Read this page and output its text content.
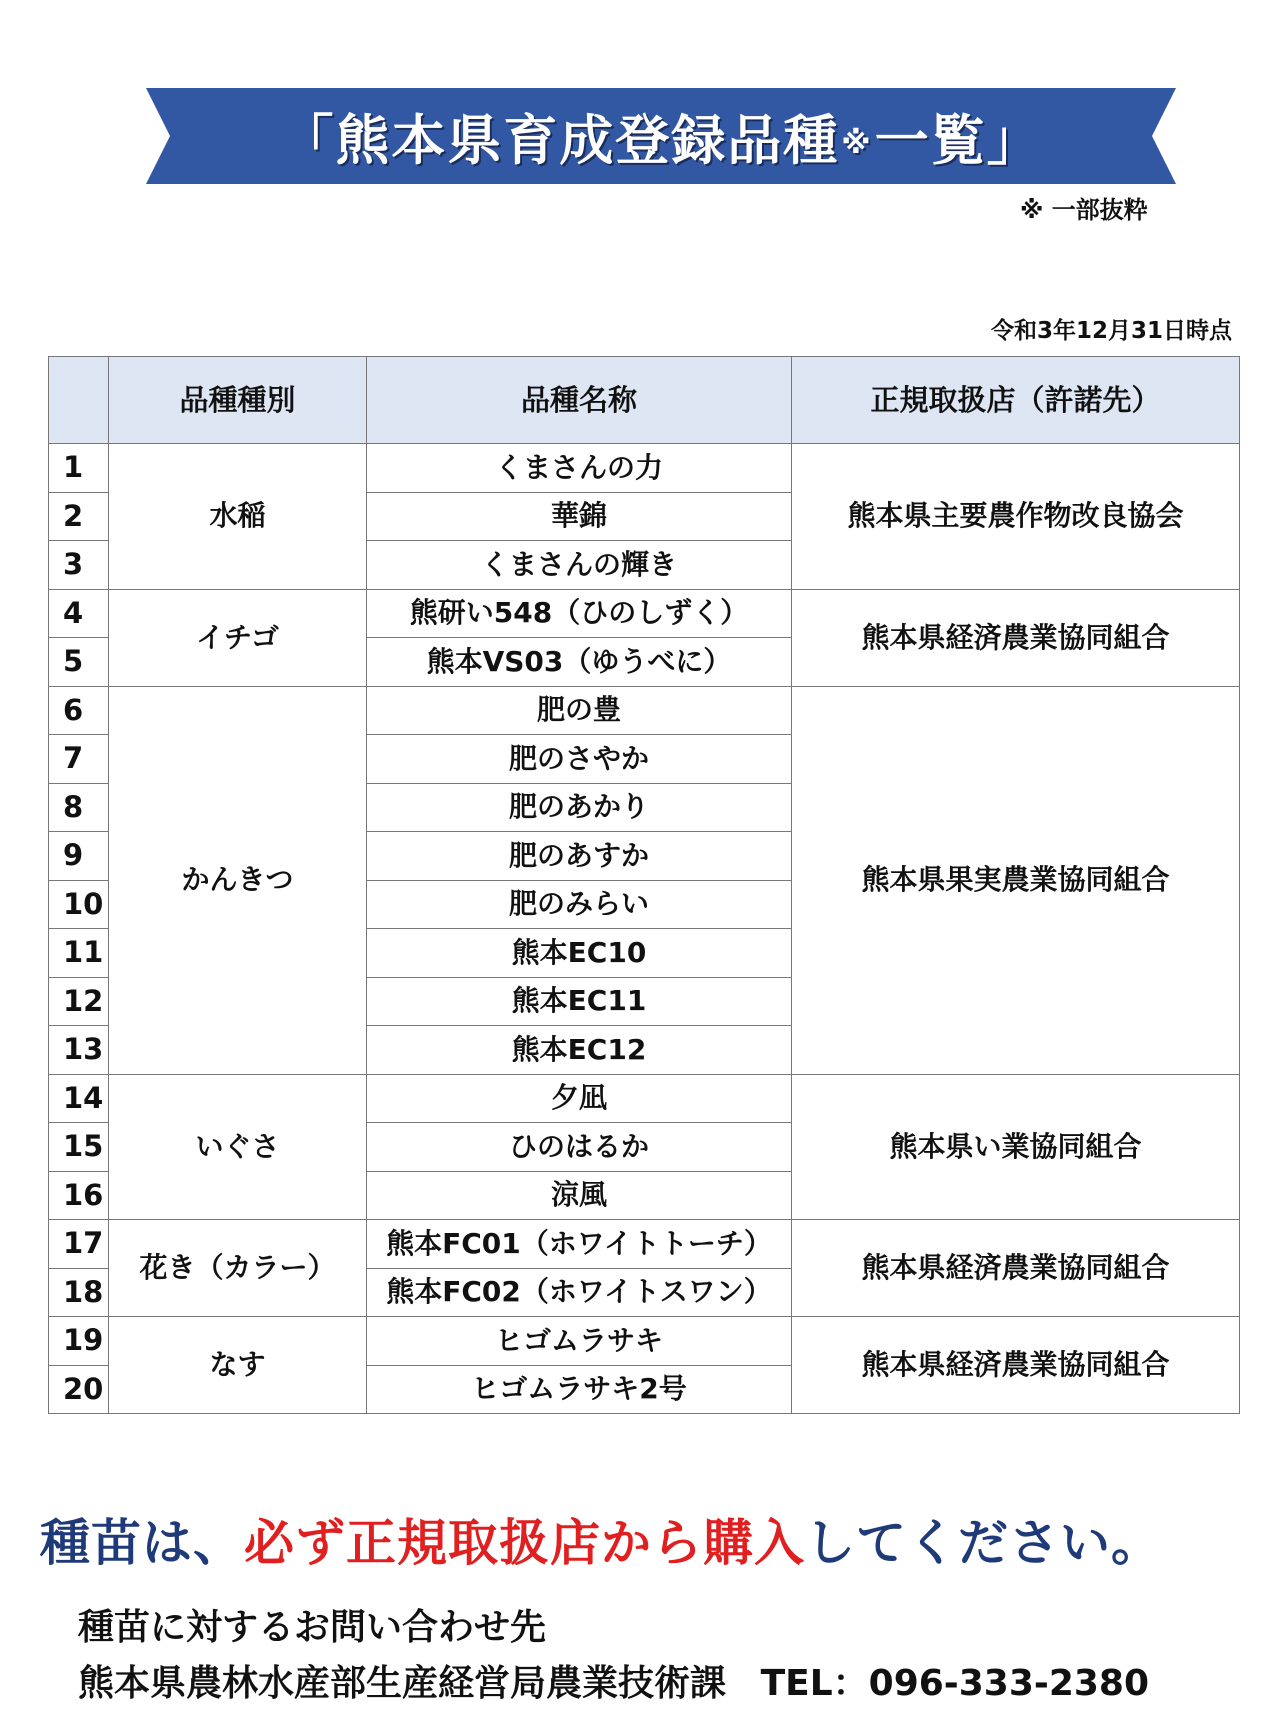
「 熊本県育成登録品種 ※ 一覧 」
※ 一部抜粋
令和3年12月31日時点
	品種種別	品種名称	正規取扱店（許諾先）
1	水稲	くまさんの力	熊本県主要農作物改良協会
2		華錦	
3		くまさんの輝き	
4	イチゴ	熊研い548（ひのしずく）	熊本県経済農業協同組合
5		熊本VS03（ゆうべに）	
6	かんきつ	肥の豊	熊本県果実農業協同組合
7		肥のさやか	
8		肥のあかり	
9		肥のあすか	
10		肥のみらい	
11		熊本EC10	
12		熊本EC11	
13		熊本EC12	
14	いぐさ	夕凪	熊本県い業協同組合
15		ひのはるか	
16		涼風	
17	花き（カラー）	熊本FC01（ホワイトトーチ）	熊本県経済農業協同組合
18		熊本FC02（ホワイトスワン）	
19	なす	ヒゴムラサキ	熊本県経済農業協同組合
20		ヒゴムラサキ2号	
種苗は、必ず正規取扱店から購入してください。
種苗に対するお問い合わせ先
熊本県農林水産部生産経営局農業技術課 TEL：096-333-2380
